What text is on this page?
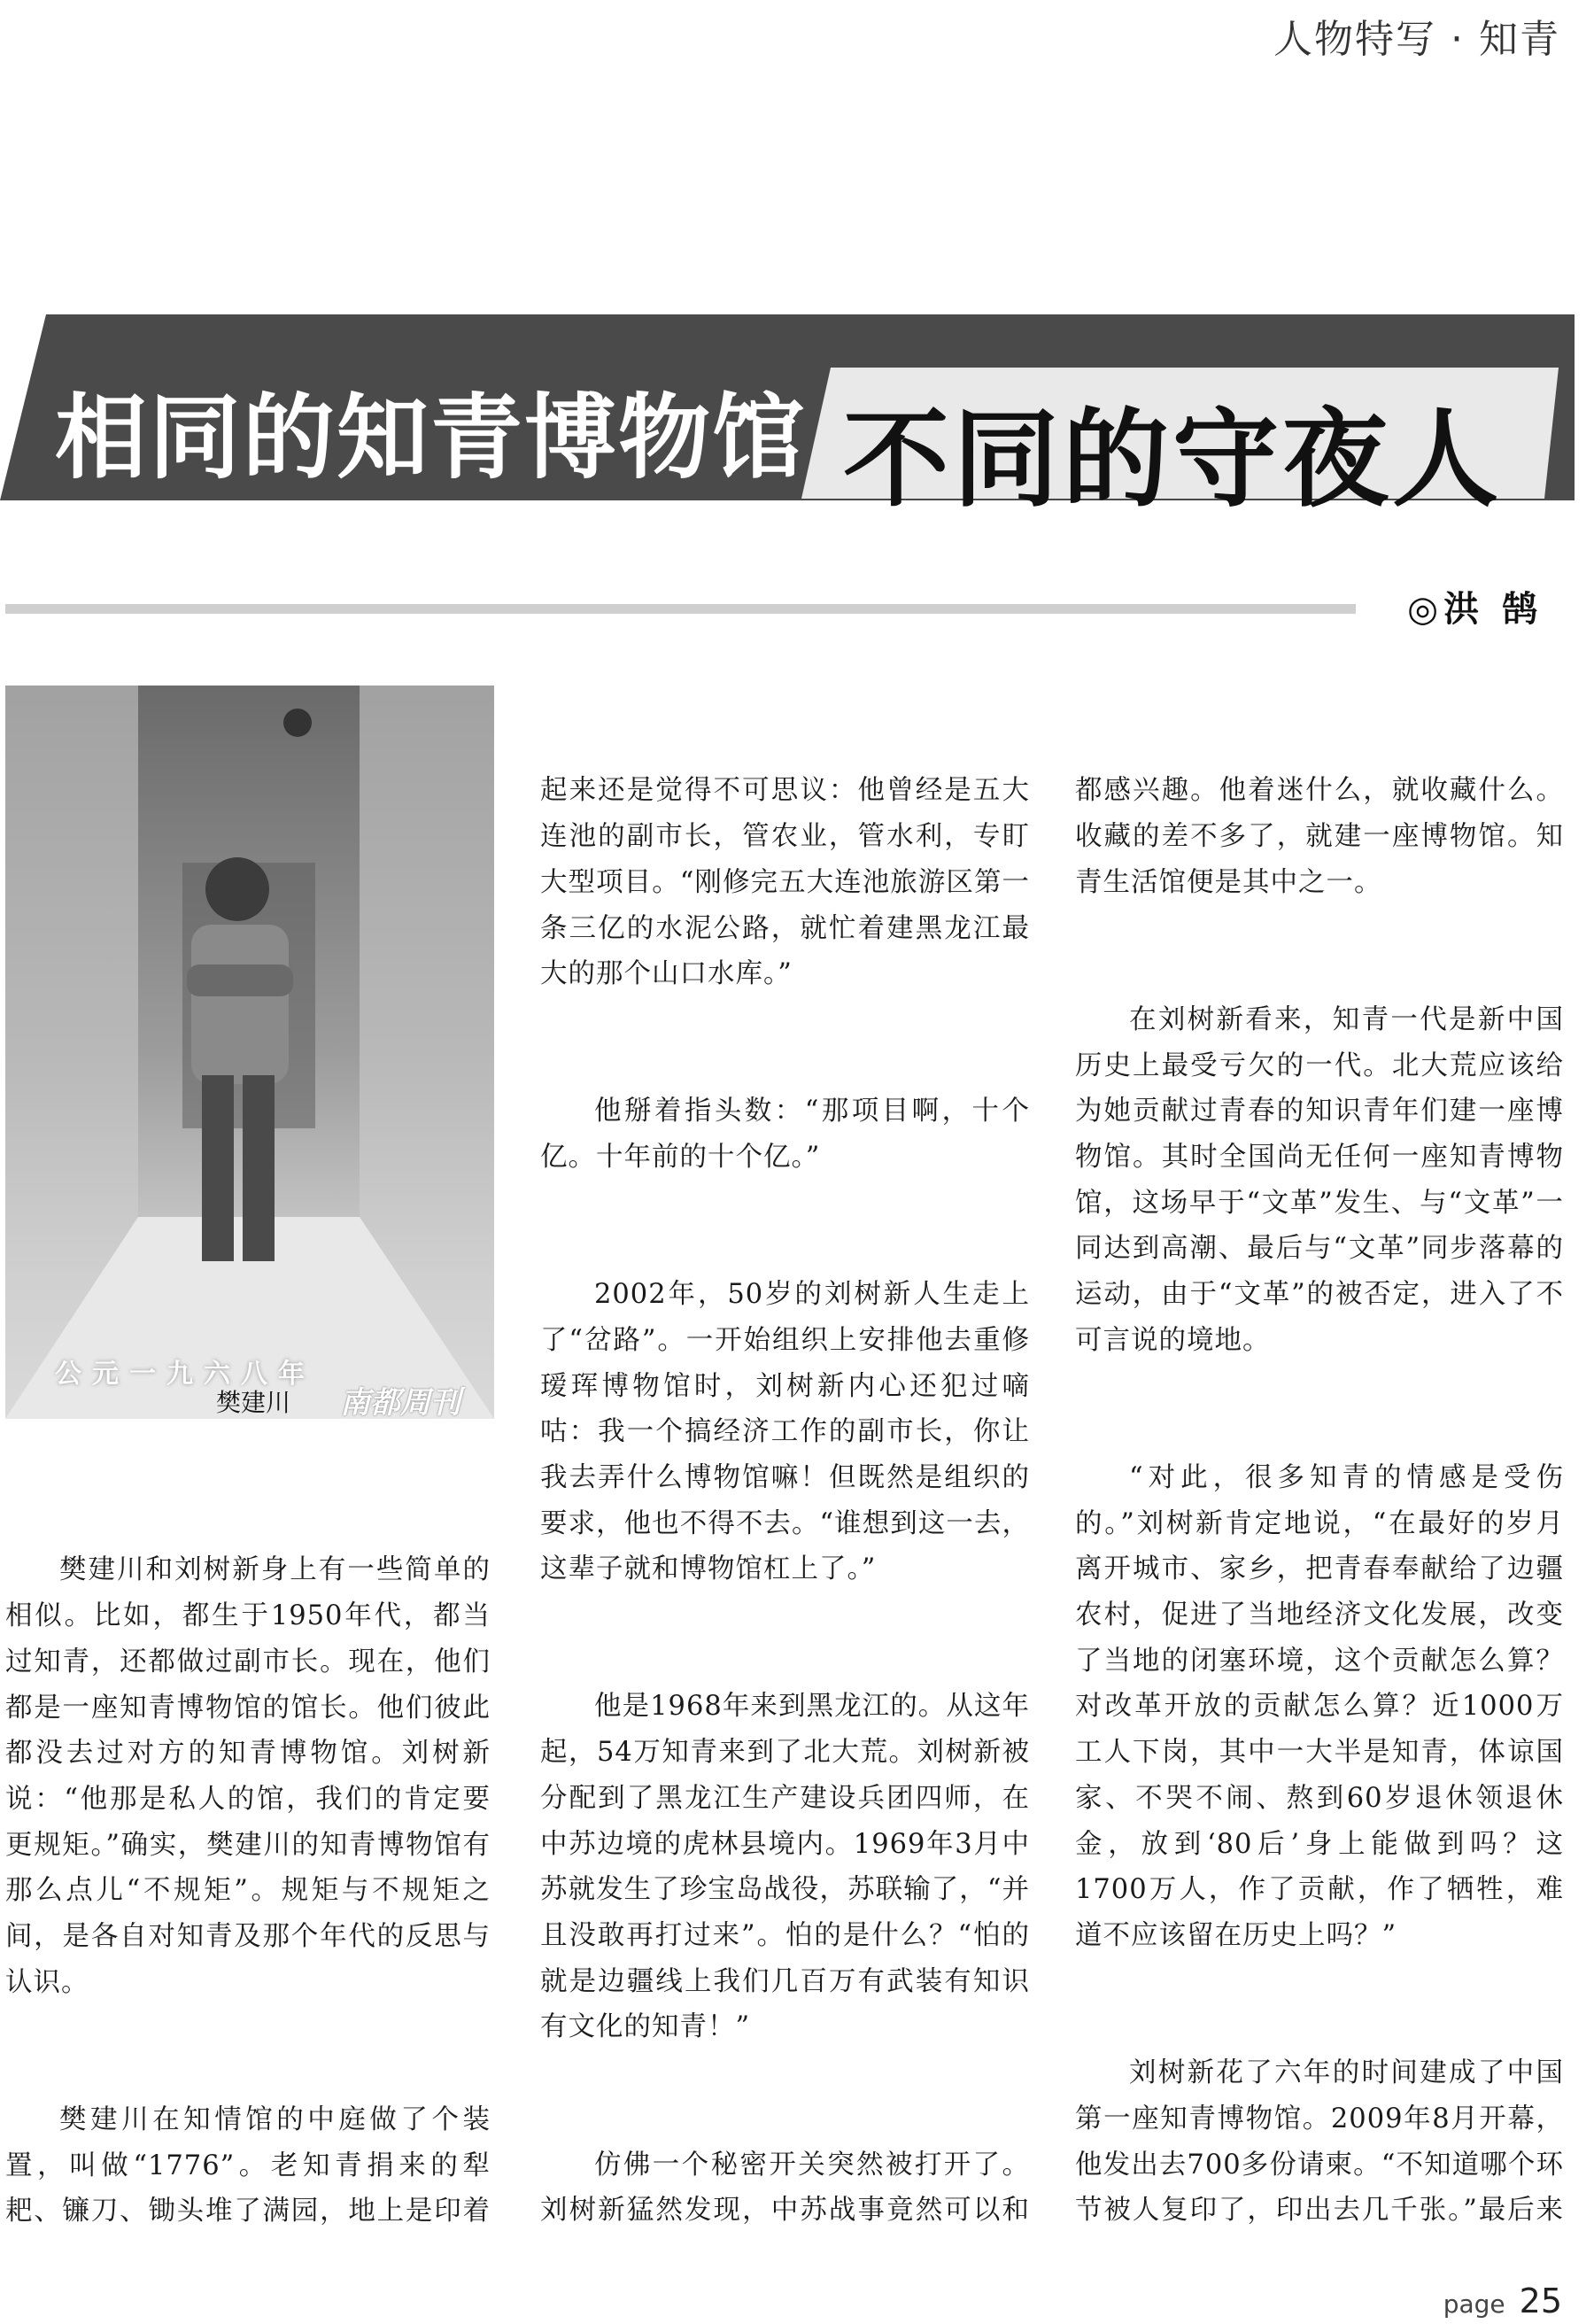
人物特写 · 知青
相同的知青博物馆 不同的守夜人
◎洪 鹄
公元一九六八年
樊建川 南都周刊

樊建川和刘树新身上有一些简单的相似。比如，都生于1950年代，都当过知青，还都做过副市长。现在，他们都是一座知青博物馆的馆长。他们彼此都没去过对方的知青博物馆。刘树新说：“他那是私人的馆，我们的肯定要更规矩。”确实，樊建川的知青博物馆有那么点儿“不规矩”。规矩与不规矩之间，是各自对知青及那个年代的反思与认识。

樊建川在知情馆的中庭做了个装置，叫做“1776”。老知青捐来的犁耙、镰刀、锄头堆了满园，地上是印着

起来还是觉得不可思议：他曾经是五大连池的副市长，管农业，管水利，专盯大型项目。“刚修完五大连池旅游区第一条三亿的水泥公路，就忙着建黑龙江最大的那个山口水库。”

他掰着指头数：“那项目啊，十个亿。十年前的十个亿。”

2002年，50岁的刘树新人生走上了“岔路”。一开始组织上安排他去重修瑷珲博物馆时，刘树新内心还犯过嘀咕：我一个搞经济工作的副市长，你让我去弄什么博物馆嘛！但既然是组织的要求，他也不得不去。“谁想到这一去，这辈子就和博物馆杠上了。”

他是1968年来到黑龙江的。从这年起，54万知青来到了北大荒。刘树新被分配到了黑龙江生产建设兵团四师，在中苏边境的虎林县境内。1969年3月中苏就发生了珍宝岛战役，苏联输了，“并且没敢再打过来”。怕的是什么？“怕的就是边疆线上我们几百万有武装有知识有文化的知青！”

仿佛一个秘密开关突然被打开了。刘树新猛然发现，中苏战事竟然可以和

都感兴趣。他着迷什么，就收藏什么。收藏的差不多了，就建一座博物馆。知青生活馆便是其中之一。

在刘树新看来，知青一代是新中国历史上最受亏欠的一代。北大荒应该给为她贡献过青春的知识青年们建一座博物馆。其时全国尚无任何一座知青博物馆，这场早于“文革”发生、与“文革”一同达到高潮、最后与“文革”同步落幕的运动，由于“文革”的被否定，进入了不可言说的境地。

“对此，很多知青的情感是受伤的。”刘树新肯定地说，“在最好的岁月离开城市、家乡，把青春奉献给了边疆农村，促进了当地经济文化发展，改变了当地的闭塞环境，这个贡献怎么算？对改革开放的贡献怎么算？近1000万工人下岗，其中一大半是知青，体谅国家、不哭不闹、熬到60岁退休领退休金，放到‘80后’身上能做到吗？这1700万人，作了贡献，作了牺牲，难道不应该留在历史上吗？”

刘树新花了六年的时间建成了中国第一座知青博物馆。2009年8月开幕，他发出去700多份请柬。“不知道哪个环节被人复印了，印出去几千张。”最后来

page 25
